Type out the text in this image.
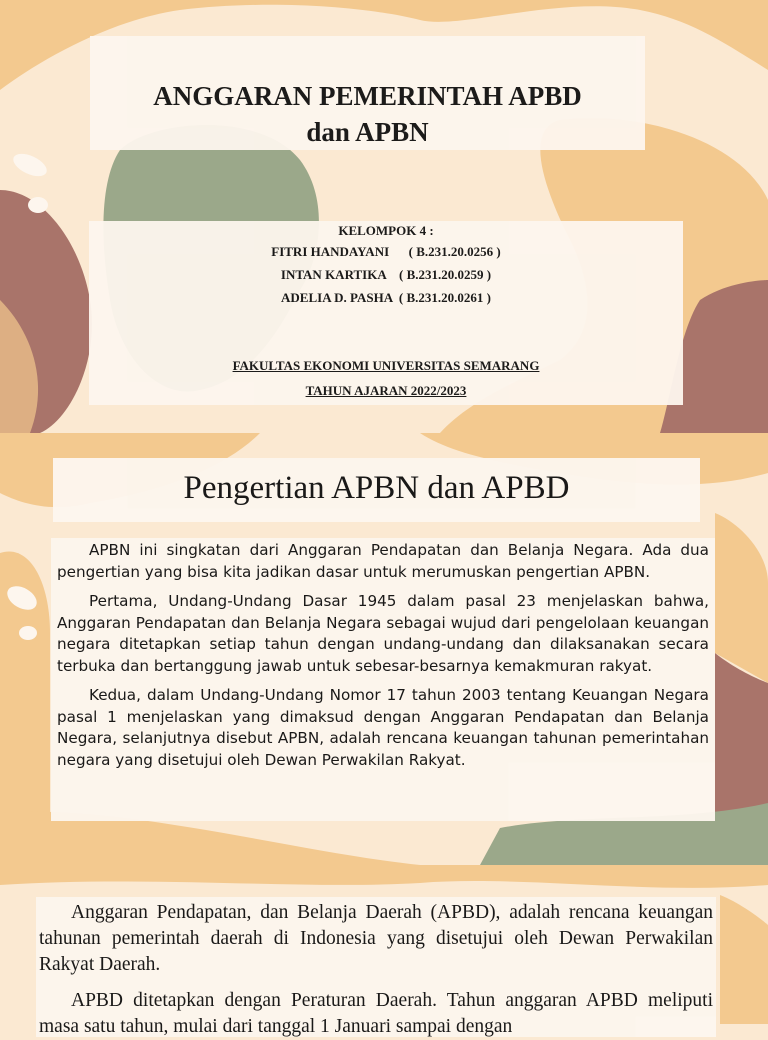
ANGGARAN PEMERINTAH APBD
dan APBN
KELOMPOK 4 :
FITRI HANDAYANI      ( B.231.20.0256 )
INTAN KARTIKA    ( B.231.20.0259 )
ADELIA D. PASHA  ( B.231.20.0261 )
FAKULTAS EKONOMI UNIVERSITAS SEMARANG
TAHUN AJARAN 2022/2023
Pengertian APBN dan APBD

APBN ini singkatan dari Anggaran Pendapatan dan Belanja Negara. Ada dua pengertian yang bisa kita jadikan dasar untuk merumuskan pengertian APBN.

Pertama, Undang-Undang Dasar 1945 dalam pasal 23 menjelaskan bahwa, Anggaran Pendapatan dan Belanja Negara sebagai wujud dari pengelolaan keuangan negara ditetapkan setiap tahun dengan undang-undang dan dilaksanakan secara terbuka dan bertanggung jawab untuk sebesar-besarnya kemakmuran rakyat.

Kedua, dalam Undang-Undang Nomor 17 tahun 2003 tentang Keuangan Negara pasal 1 menjelaskan yang dimaksud dengan Anggaran Pendapatan dan Belanja Negara, selanjutnya disebut APBN, adalah rencana keuangan tahunan pemerintahan negara yang disetujui oleh Dewan Perwakilan Rakyat.

Anggaran Pendapatan, dan Belanja Daerah (APBD), adalah rencana keuangan tahunan pemerintah daerah di Indonesia yang disetujui oleh Dewan Perwakilan Rakyat Daerah.

APBD ditetapkan dengan Peraturan Daerah. Tahun anggaran APBD meliputi masa satu tahun, mulai dari tanggal 1 Januari sampai dengan
